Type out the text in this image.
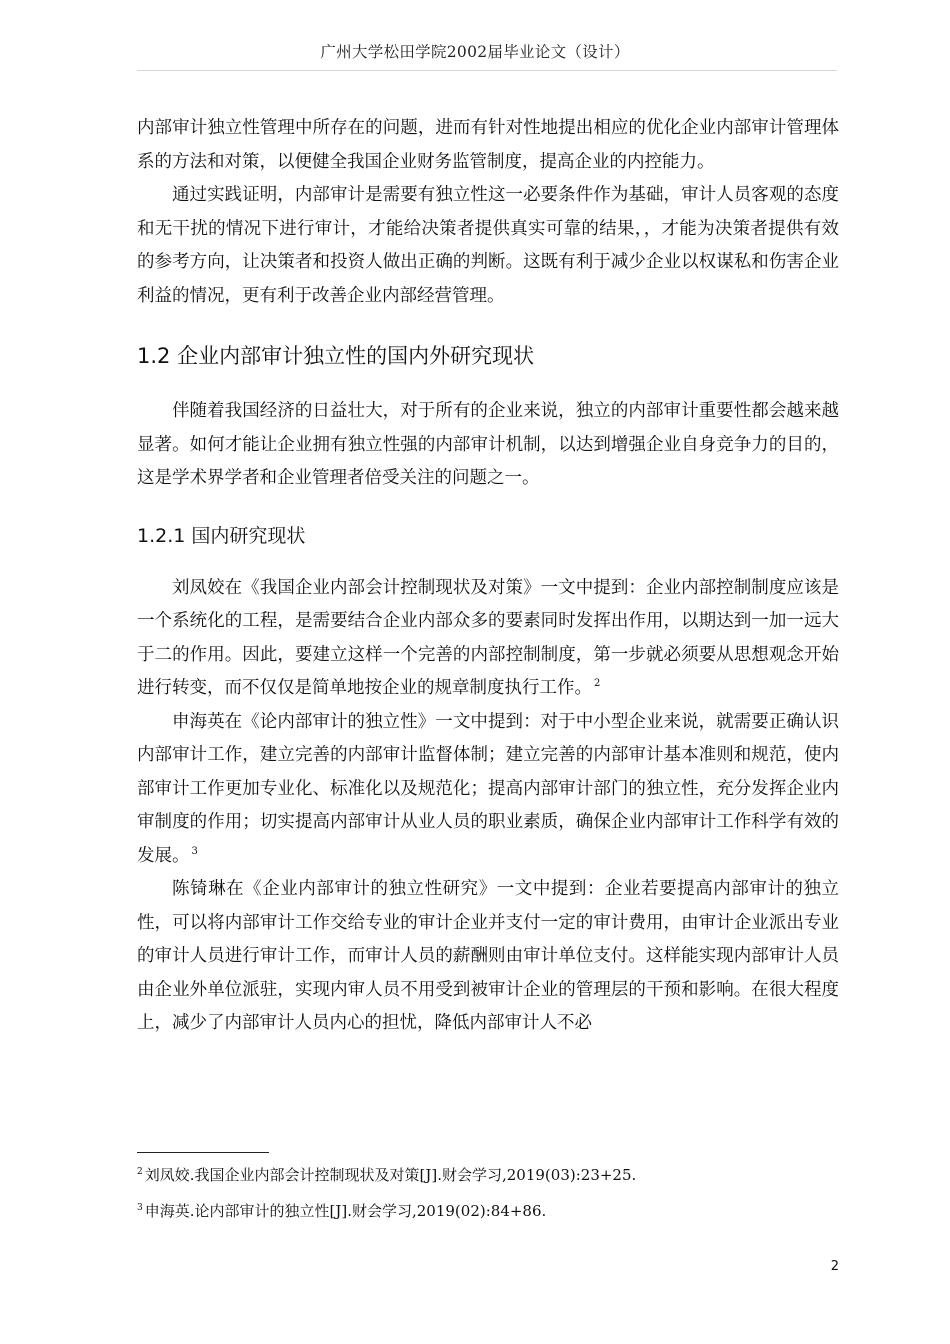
广州大学松田学院2002届毕业论文（设计）

内部审计独立性管理中所存在的问题，进而有针对性地提出相应的优化企业内部审计管理体系的方法和对策，以便健全我国企业财务监管制度，提高企业的内控能力。

通过实践证明，内部审计是需要有独立性这一必要条件作为基础，审计人员客观的态度和无干扰的情况下进行审计，才能给决策者提供真实可靠的结果，，才能为决策者提供有效的参考方向，让决策者和投资人做出正确的判断。这既有利于减少企业以权谋私和伤害企业利益的情况，更有利于改善企业内部经营管理。

1.2 企业内部审计独立性的国内外研究现状

伴随着我国经济的日益壮大，对于所有的企业来说，独立的内部审计重要性都会越来越显著。如何才能让企业拥有独立性强的内部审计机制，以达到增强企业自身竞争力的目的，这是学术界学者和企业管理者倍受关注的问题之一。

1.2.1 国内研究现状

刘凤姣在《我国企业内部会计控制现状及对策》一文中提到：企业内部控制制度应该是一个系统化的工程，是需要结合企业内部众多的要素同时发挥出作用，以期达到一加一远大于二的作用。因此，要建立这样一个完善的内部控制制度，第一步就必须要从思想观念开始进行转变，而不仅仅是简单地按企业的规章制度执行工作。 $^2$

申海英在《论内部审计的独立性》一文中提到：对于中小型企业来说，就需要正确认识内部审计工作，建立完善的内部审计监督体制；建立完善的内部审计基本准则和规范，使内部审计工作更加专业化、标准化以及规范化；提高内部审计部门的独立性，充分发挥企业内审制度的作用；切实提高内部审计从业人员的职业素质，确保企业内部审计工作科学有效的发展。 $^3$

陈锜琳在《企业内部审计的独立性研究》一文中提到：企业若要提高内部审计的独立性，可以将内部审计工作交给专业的审计企业并支付一定的审计费用，由审计企业派出专业的审计人员进行审计工作，而审计人员的薪酬则由审计单位支付。这样能实现内部审计人员由企业外单位派驻，实现内审人员不用受到被审计企业的管理层的干预和影响。在很大程度上，减少了内部审计人员内心的担忧，降低内部审计人不必

$^2$ 刘凤姣.我国企业内部会计控制现状及对策[J].财会学习,2019(03):23+25.

$^3$ 申海英.论内部审计的独立性[J].财会学习,2019(02):84+86.

2
